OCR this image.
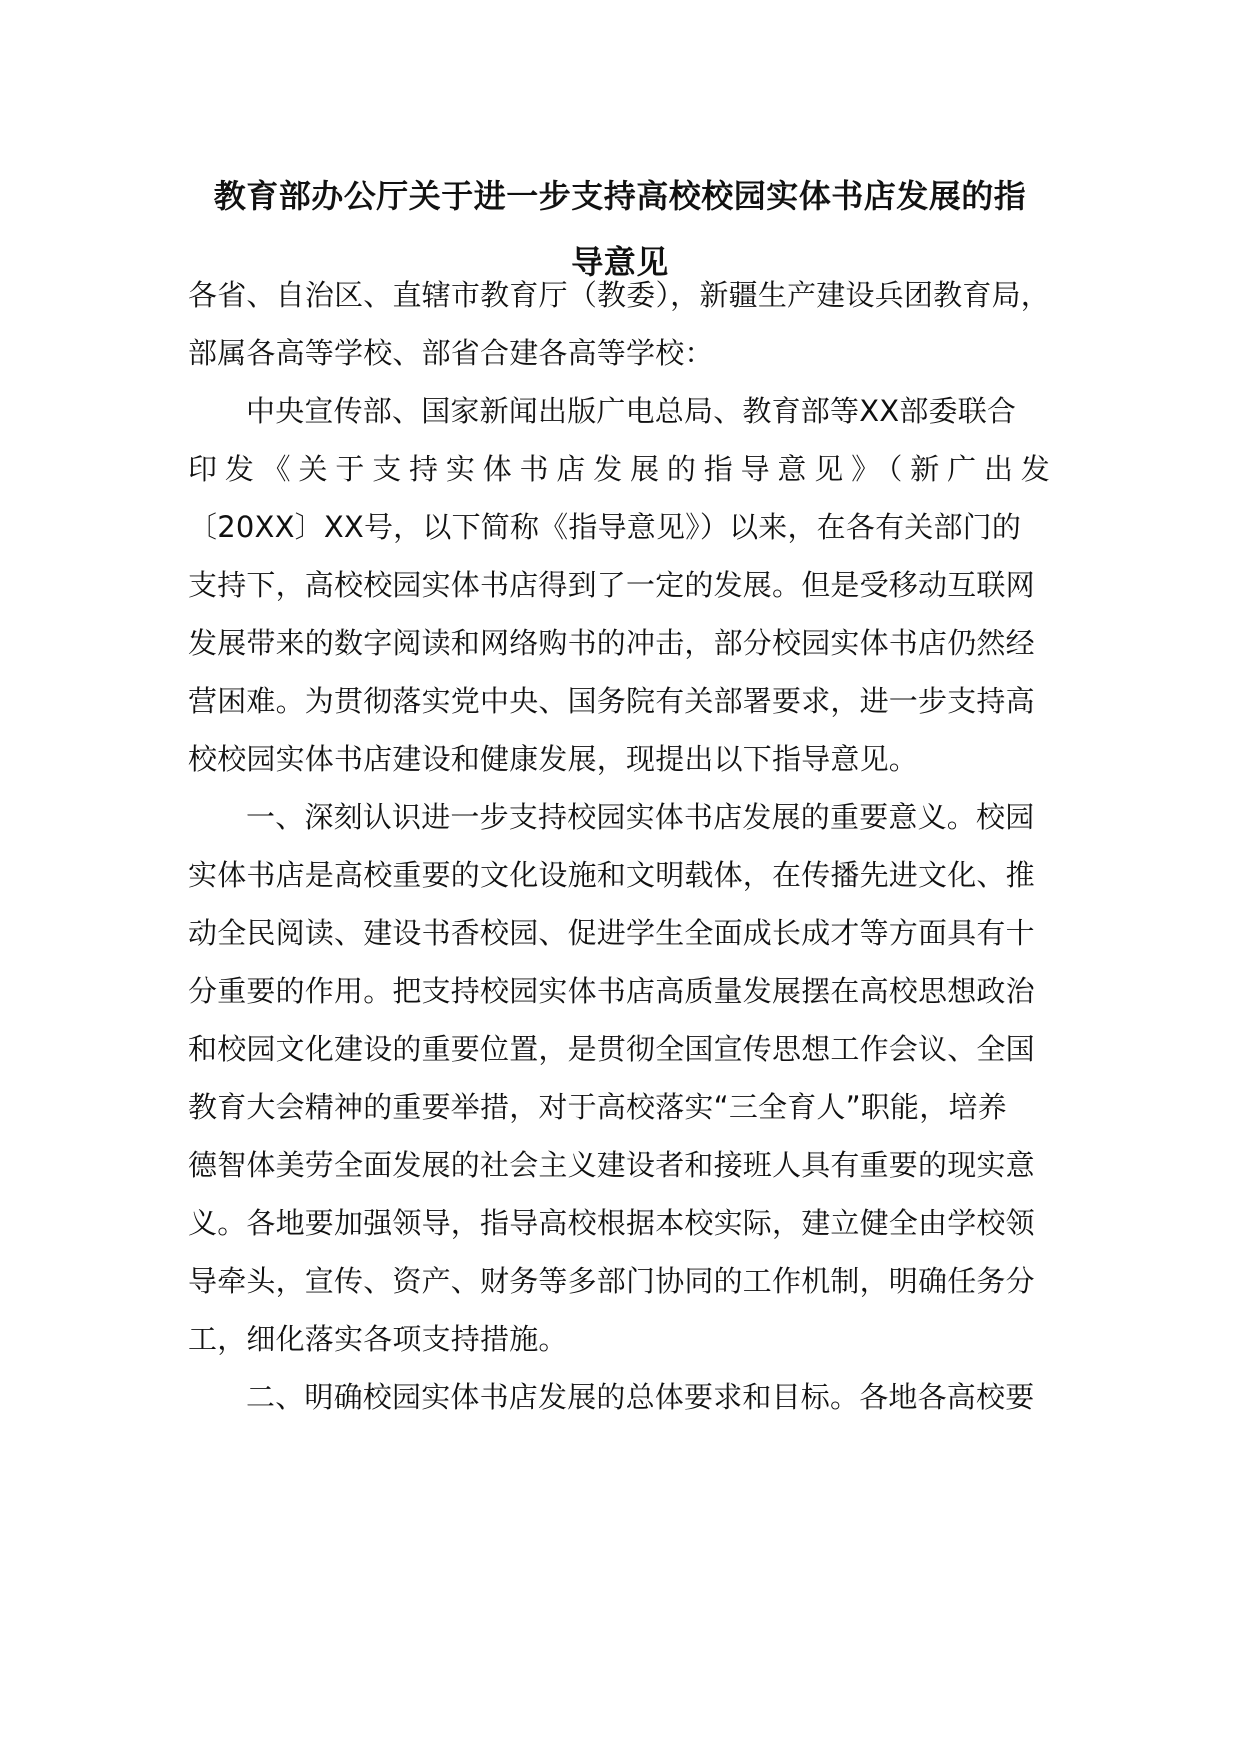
教育部办公厅关于进一步支持高校校园实体书店发展的指
导意见
各省、自治区、直辖市教育厅（教委），新疆生产建设兵团教育局，
部属各高等学校、部省合建各高等学校：
中央宣传部、国家新闻出版广电总局、教育部等XX部委联合
印发《关于支持实体书店发展的指导意见》（新广出发
〔20XX〕XX号，以下简称《指导意见》）以来，在各有关部门的
支持下，高校校园实体书店得到了一定的发展。但是受移动互联网
发展带来的数字阅读和网络购书的冲击，部分校园实体书店仍然经
营困难。为贯彻落实党中央、国务院有关部署要求，进一步支持高
校校园实体书店建设和健康发展，现提出以下指导意见。
一、深刻认识进一步支持校园实体书店发展的重要意义。校园
实体书店是高校重要的文化设施和文明载体，在传播先进文化、推
动全民阅读、建设书香校园、促进学生全面成长成才等方面具有十
分重要的作用。把支持校园实体书店高质量发展摆在高校思想政治
和校园文化建设的重要位置，是贯彻全国宣传思想工作会议、全国
教育大会精神的重要举措，对于高校落实“三全育人”职能，培养
德智体美劳全面发展的社会主义建设者和接班人具有重要的现实意
义。各地要加强领导，指导高校根据本校实际，建立健全由学校领
导牵头，宣传、资产、财务等多部门协同的工作机制，明确任务分
工，细化落实各项支持措施。
二、明确校园实体书店发展的总体要求和目标。各地各高校要
